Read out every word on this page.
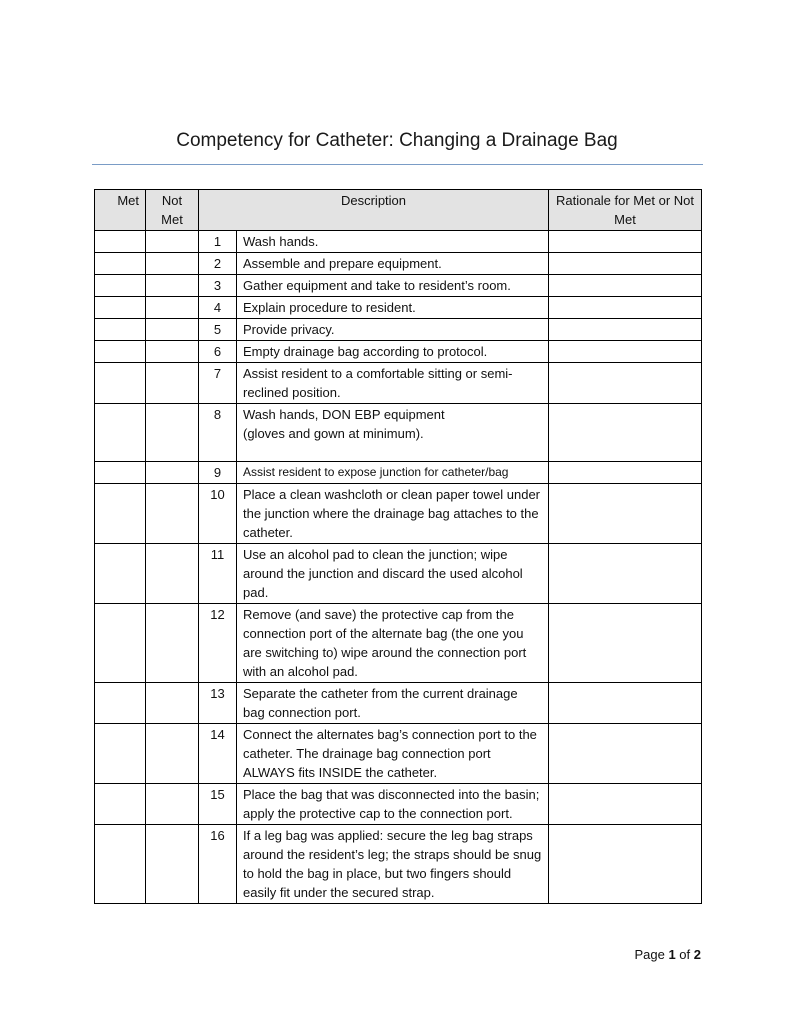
Competency for Catheter: Changing a Drainage Bag
Met	Not Met	Description		Rationale for Met or Not Met
		1	Wash hands.	
		2	Assemble and prepare equipment.	
		3	Gather equipment and take to resident’s room.	
		4	Explain procedure to resident.	
		5	Provide privacy.	
		6	Empty drainage bag according to protocol.	
		7	Assist resident to a comfortable sitting or semi-reclined position.	
		8	Wash hands, DON EBP equipment (gloves and gown at minimum).	
		9	Assist resident to expose junction for catheter/bag	
		10	Place a clean washcloth or clean paper towel under the junction where the drainage bag attaches to the catheter.	
		11	Use an alcohol pad to clean the junction; wipe around the junction and discard the used alcohol pad.	
		12	Remove (and save) the protective cap from the connection port of the alternate bag (the one you are switching to) wipe around the connection port with an alcohol pad.	
		13	Separate the catheter from the current drainage bag connection port.	
		14	Connect the alternates bag’s connection port to the catheter. The drainage bag connection port ALWAYS fits INSIDE the catheter.	
		15	Place the bag that was disconnected into the basin; apply the protective cap to the connection port.	
		16	If a leg bag was applied: secure the leg bag straps around the resident’s leg; the straps should be snug to hold the bag in place, but two fingers should easily fit under the secured strap.	
Page 1 of 2
